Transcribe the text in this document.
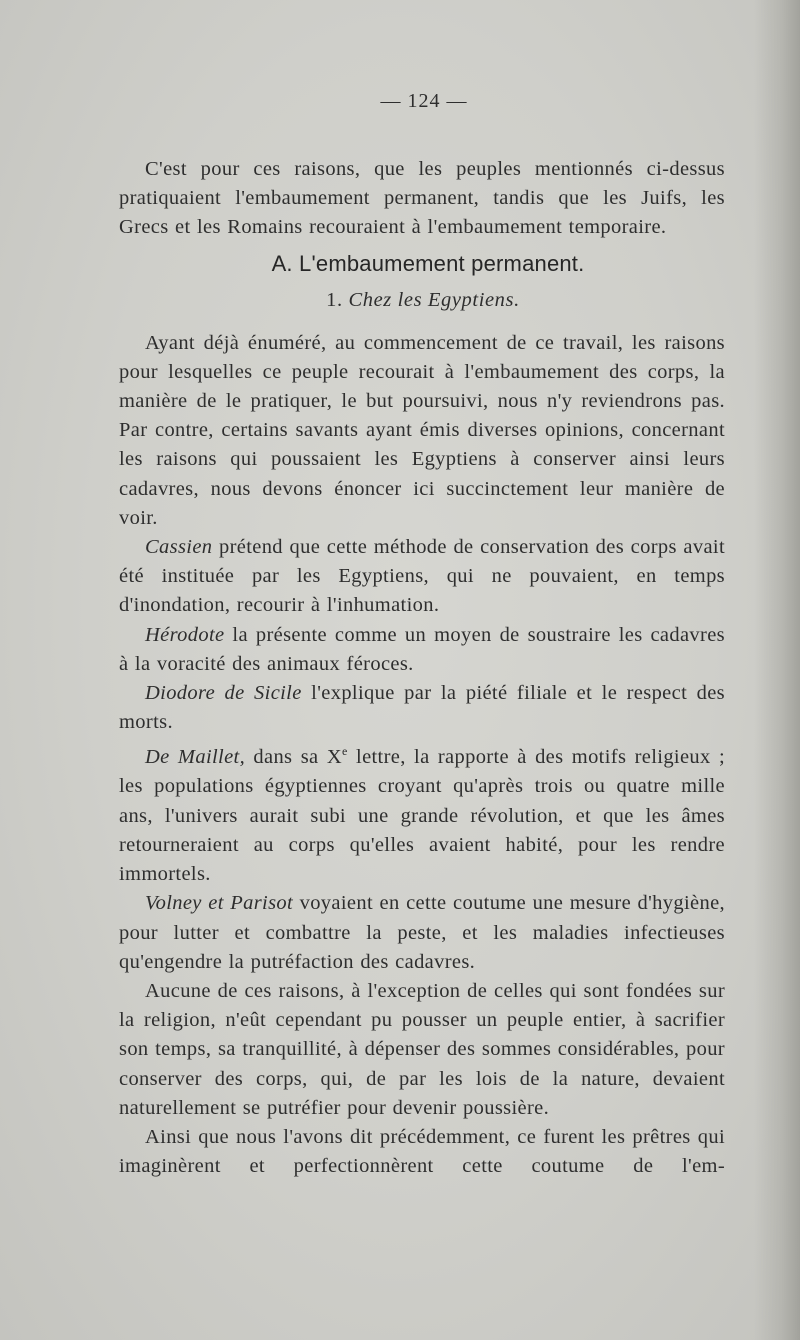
— 124 —

C'est pour ces raisons, que les peuples mentionnés ci-dessus pratiquaient l'embaumement permanent, tandis que les Juifs, les Grecs et les Romains recouraient à l'embaumement temporaire.

A. L'embaumement permanent.
1. Chez les Egyptiens.

Ayant déjà énuméré, au commencement de ce travail, les raisons pour lesquelles ce peuple recourait à l'embaumement des corps, la manière de le pratiquer, le but poursuivi, nous n'y reviendrons pas. Par contre, certains savants ayant émis diverses opinions, concernant les raisons qui poussaient les Egyptiens à conserver ainsi leurs cadavres, nous devons énoncer ici succinctement leur manière de voir.

Cassien prétend que cette méthode de conservation des corps avait été instituée par les Egyptiens, qui ne pouvaient, en temps d'inondation, recourir à l'inhumation.

Hérodote la présente comme un moyen de soustraire les cadavres à la voracité des animaux féroces.

Diodore de Sicile l'explique par la piété filiale et le respect des morts.

De Maillet, dans sa Xe lettre, la rapporte à des motifs religieux ; les populations égyptiennes croyant qu'après trois ou quatre mille ans, l'univers aurait subi une grande révolution, et que les âmes retourneraient au corps qu'elles avaient habité, pour les rendre immortels.

Volney et Parisot voyaient en cette coutume une mesure d'hygiène, pour lutter et combattre la peste, et les maladies infectieuses qu'engendre la putréfaction des cadavres.

Aucune de ces raisons, à l'exception de celles qui sont fondées sur la religion, n'eût cependant pu pousser un peuple entier, à sacrifier son temps, sa tranquillité, à dépenser des sommes considérables, pour conserver des corps, qui, de par les lois de la nature, devaient naturellement se putréfier pour devenir poussière.

Ainsi que nous l'avons dit précédemment, ce furent les prêtres qui imaginèrent et perfectionnèrent cette coutume de l'em-
